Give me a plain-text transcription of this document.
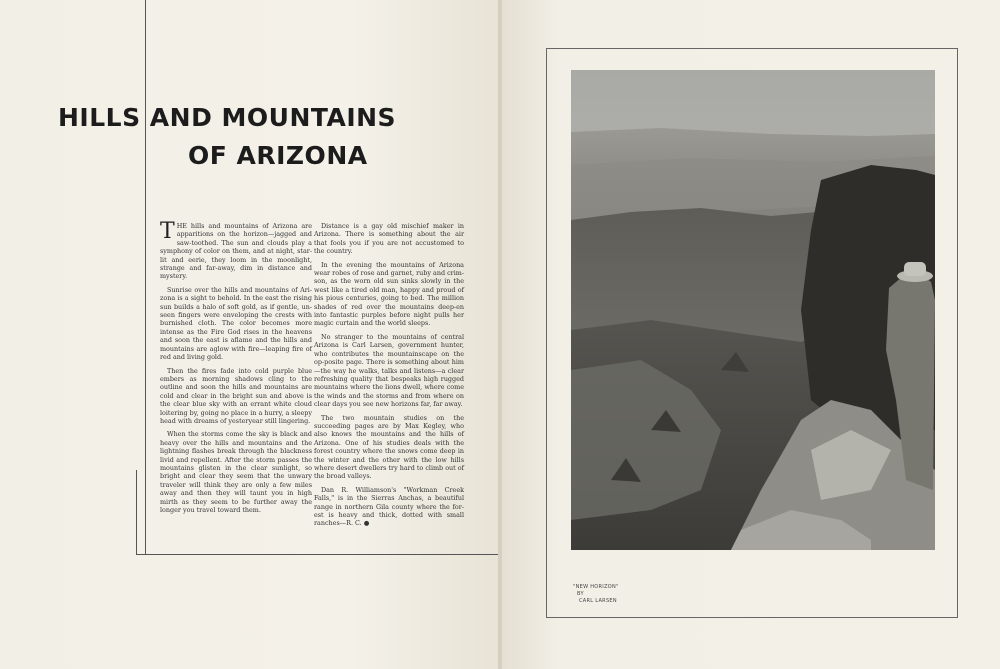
HILLS AND MOUNTAINS
OF ARIZONA

THE hills and mountains of Arizona are apparitions on the horizon—jagged and saw-toothed. The sun and clouds play a symphony of color on them, and at night, star-lit and eerie, they loom in the moonlight, strange and far-away, dim in distance and mystery.

Sunrise over the hills and mountains of Ari-zona is a sight to behold. In the east the rising sun builds a halo of soft gold, as if gentle, un-seen fingers were enveloping the crests with burnished cloth. The color becomes more intense as the Fire God rises in the heavens and soon the east is aflame and the hills and mountains are aglow with fire—leaping fire of red and living gold.

Then the fires fade into cold purple blue embers as morning shadows cling to the outline and soon the hills and mountains are cold and clear in the bright sun and above is the clear blue sky with an errant white cloud loitering by, going no place in a hurry, a sleepy head with dreams of yesteryear still lingering.

When the storms come the sky is black and heavy over the hills and mountains and the lightning flashes break through the blackness livid and repellent. After the storm passes the mountains glisten in the clear sunlight, so bright and clear they seem that the unwary traveler will think they are only a few miles away and then they will taunt you in high mirth as they seem to be further away the longer you travel toward them.

Distance is a gay old mischief maker in Arizona. There is something about the air that fools you if you are not accustomed to the country.

In the evening the mountains of Arizona wear robes of rose and garnet, ruby and crim-son, as the worn old sun sinks slowly in the west like a tired old man, happy and proud of his pious centuries, going to bed. The million shades of red over the mountains deep-en into fantastic purples before night pulls her magic curtain and the world sleeps.

No stranger to the mountains of central Arizona is Carl Larsen, government hunter, who contributes the mountainscape on the op-posite page. There is something about him—the way he walks, talks and listens—a clear refreshing quality that bespeaks high rugged mountains where the lions dwell, where come the winds and the storms and from where on clear days you see new horizons far, far away.

The two mountain studies on the succeeding pages are by Max Kegley, who also knows the mountains and the hills of Arizona. One of his studies deals with the forest country where the snows come deep in the winter and the other with the low hills where desert dwellers try hard to climb out of the broad valleys.

Dan R. Williamson's "Workman Creek Falls," is in the Sierras Anchas, a beautiful range in northern Gila county where the for-est is heavy and thick, dotted with small ranches—R. C. ●

"NEW HORIZON"
BY
CARL LARSEN
